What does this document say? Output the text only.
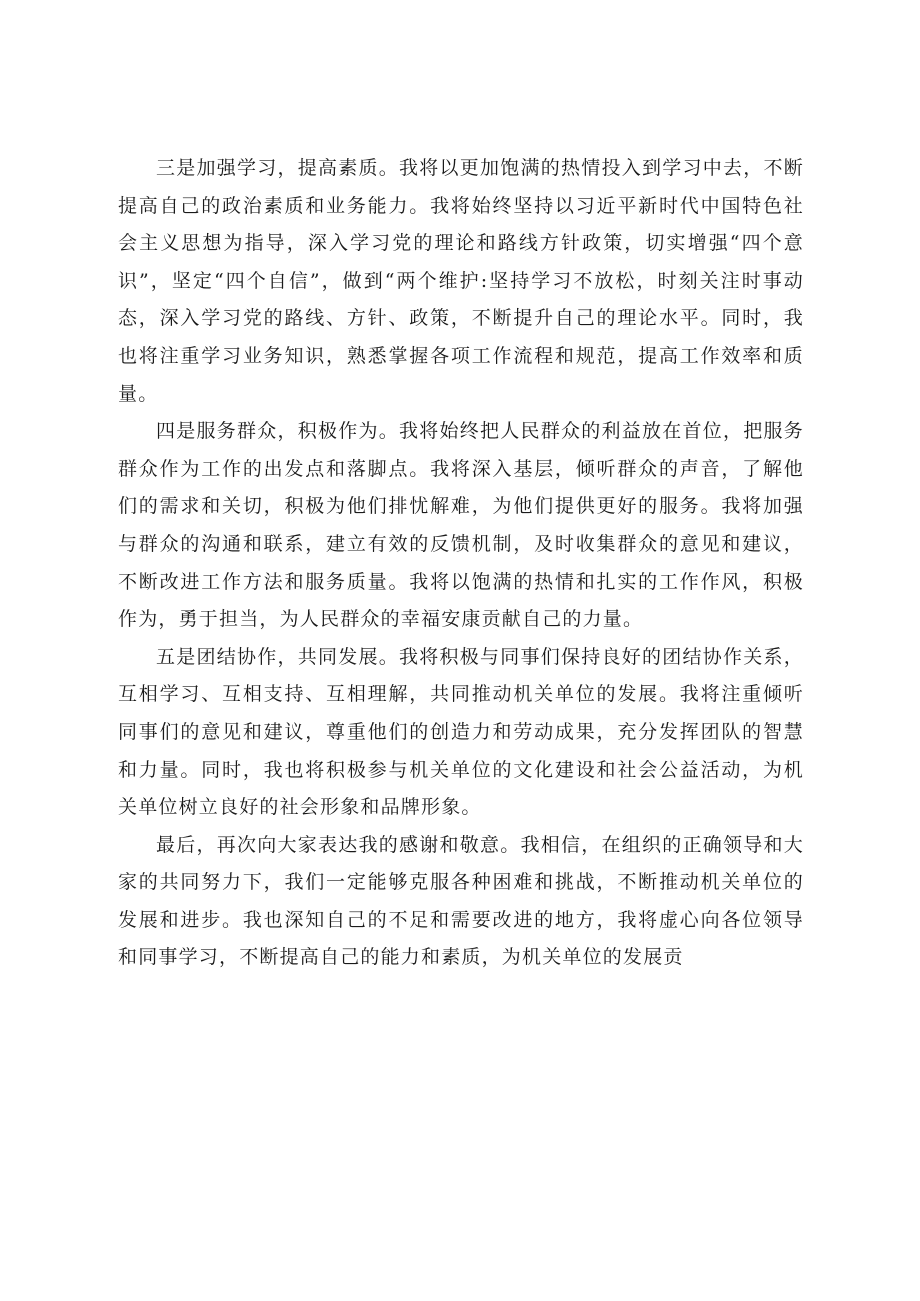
三是加强学习，提高素质。我将以更加饱满的热情投入到学习中去，不断提高自己的政治素质和业务能力。我将始终坚持以习近平新时代中国特色社会主义思想为指导，深入学习党的理论和路线方针政策，切实增强“四个意识”，坚定“四个自信”，做到“两个维护:坚持学习不放松，时刻关注时事动态，深入学习党的路线、方针、政策，不断提升自己的理论水平。同时，我也将注重学习业务知识，熟悉掌握各项工作流程和规范，提高工作效率和质量。

四是服务群众，积极作为。我将始终把人民群众的利益放在首位，把服务群众作为工作的出发点和落脚点。我将深入基层，倾听群众的声音，了解他们的需求和关切，积极为他们排忧解难，为他们提供更好的服务。我将加强与群众的沟通和联系，建立有效的反馈机制，及时收集群众的意见和建议，不断改进工作方法和服务质量。我将以饱满的热情和扎实的工作作风，积极作为，勇于担当，为人民群众的幸福安康贡献自己的力量。

五是团结协作，共同发展。我将积极与同事们保持良好的团结协作关系，互相学习、互相支持、互相理解，共同推动机关单位的发展。我将注重倾听同事们的意见和建议，尊重他们的创造力和劳动成果，充分发挥团队的智慧和力量。同时，我也将积极参与机关单位的文化建设和社会公益活动，为机关单位树立良好的社会形象和品牌形象。

最后，再次向大家表达我的感谢和敬意。我相信，在组织的正确领导和大家的共同努力下，我们一定能够克服各种困难和挑战，不断推动机关单位的发展和进步。我也深知自己的不足和需要改进的地方，我将虚心向各位领导和同事学习，不断提高自己的能力和素质，为机关单位的发展贡
